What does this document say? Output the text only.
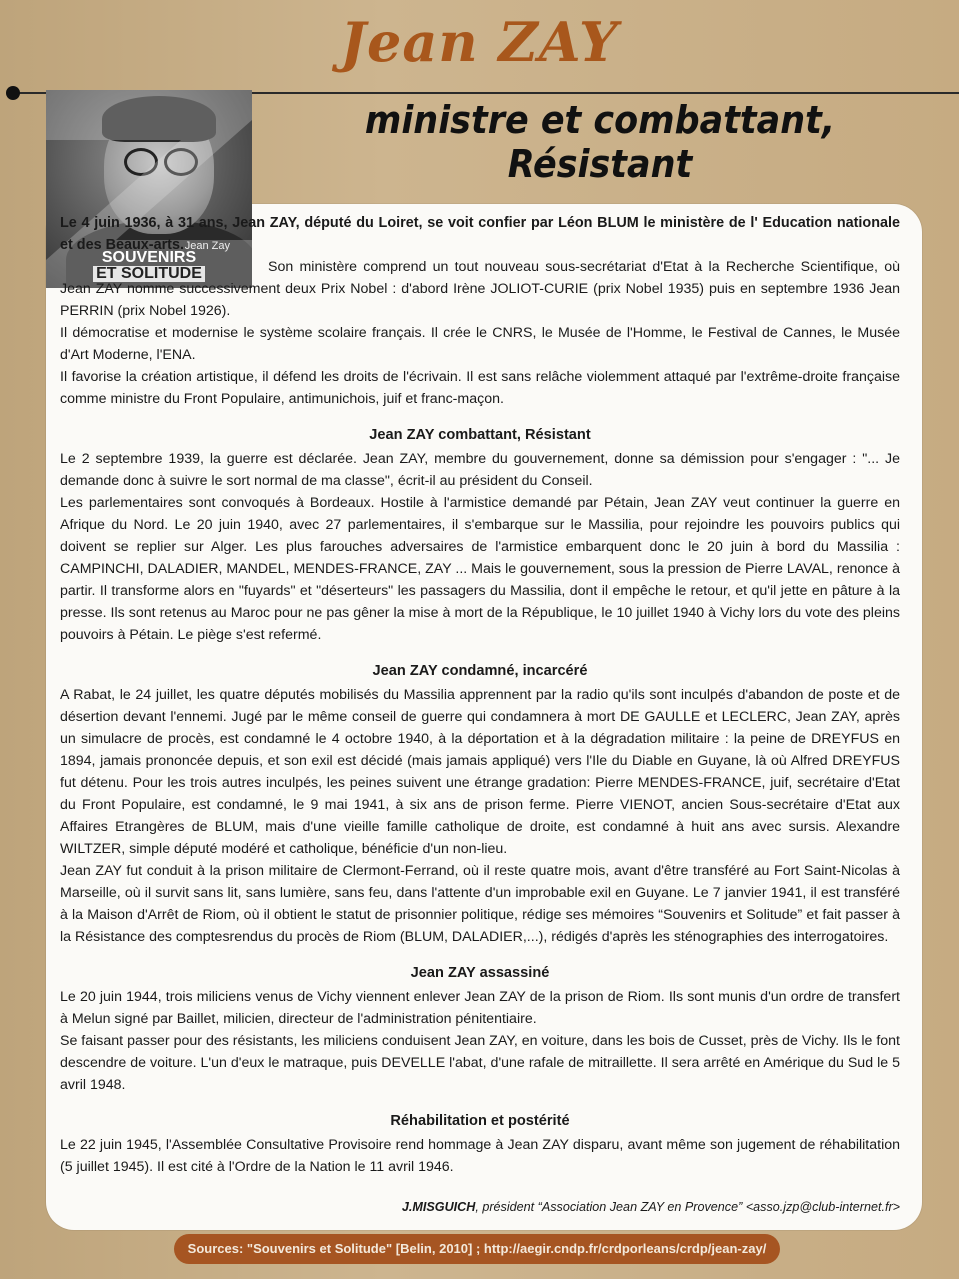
Jean ZAY
ministre et combattant, Résistant
Jean Zay
SOUVENIRS
ET SOLITUDE

Le 4 juin 1936, à 31 ans, Jean ZAY, député du Loiret, se voit confier par Léon BLUM le ministère de l' Education nationale et des Beaux-arts.

Son ministère comprend un tout nouveau sous-secrétariat d'Etat à la Recherche Scientifique, où Jean ZAY nomme successivement deux Prix Nobel : d'abord Irène JOLIOT-CURIE (prix Nobel 1935) puis en septembre 1936 Jean PERRIN (prix Nobel 1926).

Il démocratise et modernise le système scolaire français. Il crée le CNRS, le Musée de l'Homme, le Festival de Cannes, le Musée d'Art Moderne, l'ENA.

Il favorise la création artistique, il défend les droits de l'écrivain. Il est sans relâche violemment attaqué par l'extrême-droite française comme ministre du Front Populaire, antimunichois, juif et franc-maçon.

Jean ZAY combattant, Résistant

Le 2 septembre 1939, la guerre est déclarée. Jean ZAY, membre du gouvernement, donne sa démission pour s'engager : "... Je demande donc à suivre le sort normal de ma classe", écrit-il au président du Conseil.

Les parlementaires sont convoqués à Bordeaux. Hostile à l'armistice demandé par Pétain, Jean ZAY veut continuer la guerre en Afrique du Nord. Le 20 juin 1940, avec 27 parlementaires, il s'embarque sur le Massilia, pour rejoindre les pouvoirs publics qui doivent se replier sur Alger. Les plus farouches adversaires de l'armistice embarquent donc le 20 juin à bord du Massilia : CAMPINCHI, DALADIER, MANDEL, MENDES-FRANCE, ZAY ... Mais le gouvernement, sous la pression de Pierre LAVAL, renonce à partir. Il transforme alors en "fuyards" et "déserteurs" les passagers du Massilia, dont il empêche le retour, et qu'il jette en pâture à la presse. Ils sont retenus au Maroc pour ne pas gêner la mise à mort de la République, le 10 juillet 1940 à Vichy lors du vote des pleins pouvoirs à Pétain. Le piège s'est refermé.

Jean ZAY condamné, incarcéré

A Rabat, le 24 juillet, les quatre députés mobilisés du Massilia apprennent par la radio qu'ils sont inculpés d'abandon de poste et de désertion devant l'ennemi. Jugé par le même conseil de guerre qui condamnera à mort DE GAULLE et LECLERC, Jean ZAY, après un simulacre de procès, est condamné le 4 octobre 1940, à la déportation et à la dégradation militaire : la peine de DREYFUS en 1894, jamais prononcée depuis, et son exil est décidé (mais jamais appliqué) vers l'Ile du Diable en Guyane, là où Alfred DREYFUS fut détenu. Pour les trois autres inculpés, les peines suivent une étrange gradation: Pierre MENDES-FRANCE, juif, secrétaire d'Etat du Front Populaire, est condamné, le 9 mai 1941, à six ans de prison ferme. Pierre VIENOT, ancien Sous-secrétaire d'Etat aux Affaires Etrangères de BLUM, mais d'une vieille famille catholique de droite, est condamné à huit ans avec sursis. Alexandre WILTZER, simple député modéré et catholique, bénéficie d'un non-lieu.

Jean ZAY fut conduit à la prison militaire de Clermont-Ferrand, où il reste quatre mois, avant d'être transféré au Fort Saint-Nicolas à Marseille, où il survit sans lit, sans lumière, sans feu, dans l'attente d'un improbable exil en Guyane. Le 7 janvier 1941, il est transféré à la Maison d'Arrêt de Riom, où il obtient le statut de prisonnier politique, rédige ses mémoires “Souvenirs et Solitude” et fait passer à la Résistance des comptesrendus du procès de Riom (BLUM, DALADIER,...), rédigés d'après les sténographies des interrogatoires.

Jean ZAY assassiné

Le 20 juin 1944, trois miliciens venus de Vichy viennent enlever Jean ZAY de la prison de Riom. Ils sont munis d'un ordre de transfert à Melun signé par Baillet, milicien, directeur de l'administration pénitentiaire.

Se faisant passer pour des résistants, les miliciens conduisent Jean ZAY, en voiture, dans les bois de Cusset, près de Vichy. Ils le font descendre de voiture. L'un d'eux le matraque, puis DEVELLE l'abat, d'une rafale de mitraillette. Il sera arrêté en Amérique du Sud le 5 avril 1948.

Réhabilitation et postérité

Le 22 juin 1945, l'Assemblée Consultative Provisoire rend hommage à Jean ZAY disparu, avant même son jugement de réhabilitation (5 juillet 1945). Il est cité à l'Ordre de la Nation le 11 avril 1946.

J.MISGUICH, président “Association Jean ZAY en Provence” <asso.jzp@club-internet.fr>
Sources: "Souvenirs et Solitude" [Belin, 2010] ; http://aegir.cndp.fr/crdporleans/crdp/jean-zay/
